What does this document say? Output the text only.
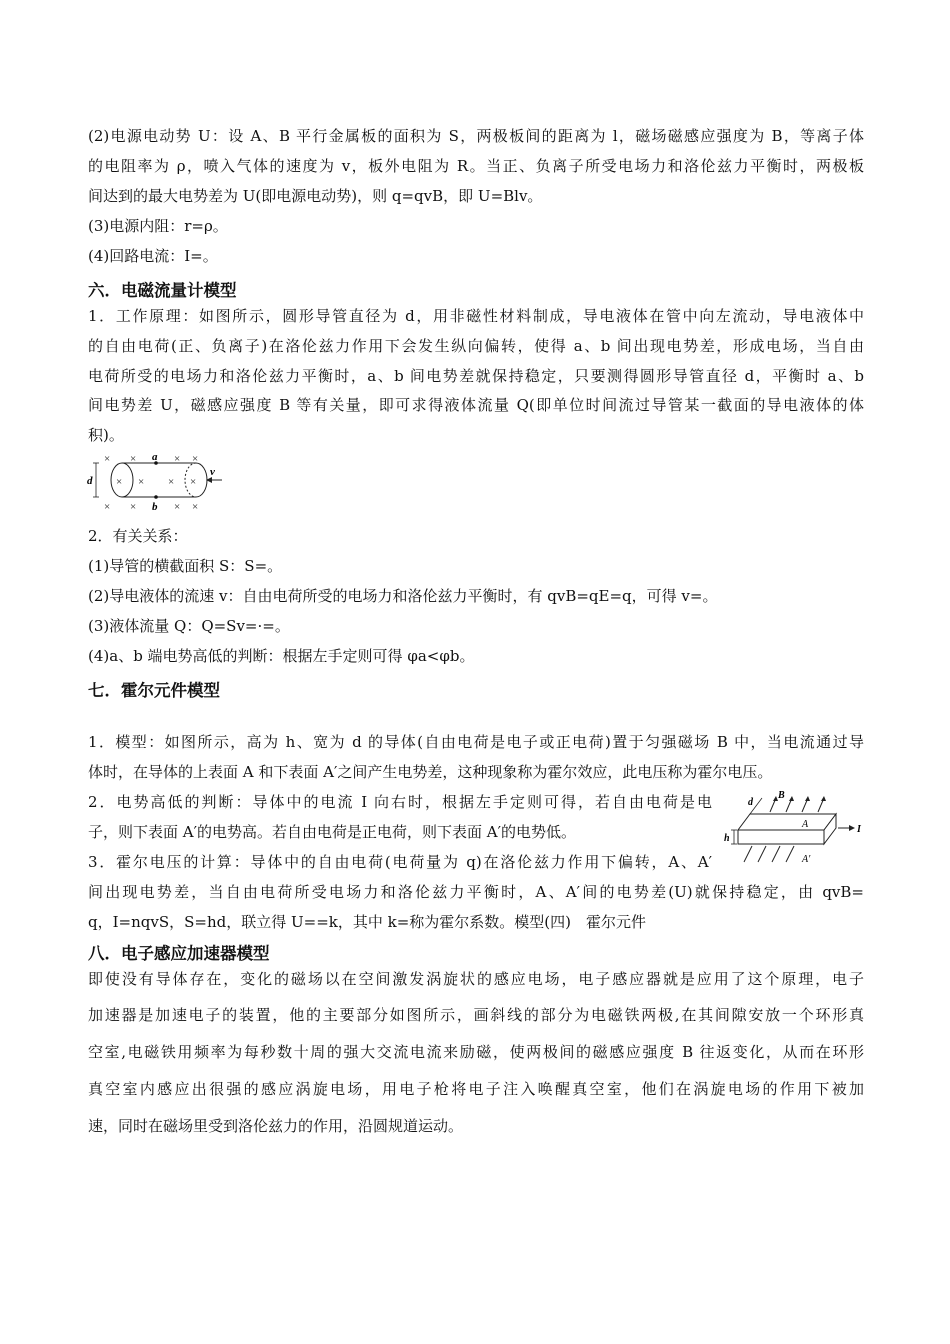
(2)电源电动势 U：设 A、B 平行金属板的面积为 S，两极板间的距离为 l，磁场磁感应强度为 B，等离子体
的电阻率为 ρ，喷入气体的速度为 v，板外电阻为 R。当正、负离子所受电场力和洛伦兹力平衡时，两极板
间达到的最大电势差为 U(即电源电动势)，则 q=qvB，即 U=Blv。
(3)电源内阻：r=ρ。
(4)回路电流：I=。
六．电磁流量计模型
1．工作原理：如图所示，圆形导管直径为 d，用非磁性材料制成，导电液体在管中向左流动，导电液体中
的自由电荷(正、负离子)在洛伦兹力作用下会发生纵向偏转，使得 a、b 间出现电势差，形成电场，当自由
电荷所受的电场力和洛伦兹力平衡时，a、b 间电势差就保持稳定，只要测得圆形导管直径 d，平衡时 a、b
间电势差 U，磁感应强度 B 等有关量，即可求得液体流量 Q(即单位时间流过导管某一截面的导电液体的体
积)。
× ×	× ×
× × × ×
× ×	× ×
a
b
d
v
2．有关关系：
(1)导管的横截面积 S：S=。
(2)导电液体的流速 v：自由电荷所受的电场力和洛伦兹力平衡时，有 qvB=qE=q，可得 v=。
(3)液体流量 Q：Q=Sv=·=。
(4)a、b 端电势高低的判断：根据左手定则可得 φa<φb。
七．霍尔元件模型
1．模型：如图所示，高为 h、宽为 d 的导体(自由电荷是电子或正电荷)置于匀强磁场 B 中，当电流通过导
体时，在导体的上表面 A 和下表面 A′之间产生电势差，这种现象称为霍尔效应，此电压称为霍尔电压。
2．电势高低的判断：导体中的电流 I 向右时，根据左手定则可得，若自由电荷是电
子，则下表面 A′的电势高。若自由电荷是正电荷，则下表面 A′的电势低。
3．霍尔电压的计算：导体中的自由电荷(电荷量为 q)在洛伦兹力作用下偏转，A、A′
间出现电势差，当自由电荷所受电场力和洛伦兹力平衡时，A、A′间的电势差(U)就保持稳定，由 qvB=
q，I=nqvS，S=hd，联立得 U==k，其中 k=称为霍尔系数。模型(四)　霍尔元件
B
d
h
A
A′
I
八．电子感应加速器模型
即使没有导体存在，变化的磁场以在空间激发涡旋状的感应电场，电子感应器就是应用了这个原理，电子
加速器是加速电子的装置，他的主要部分如图所示，画斜线的部分为电磁铁两极,在其间隙安放一个环形真
空室,电磁铁用频率为每秒数十周的强大交流电流来励磁，使两极间的磁感应强度 B 往返变化，从而在环形
真空室内感应出很强的感应涡旋电场，用电子枪将电子注入唤醒真空室，他们在涡旋电场的作用下被加
速，同时在磁场里受到洛伦兹力的作用，沿圆规道运动。
